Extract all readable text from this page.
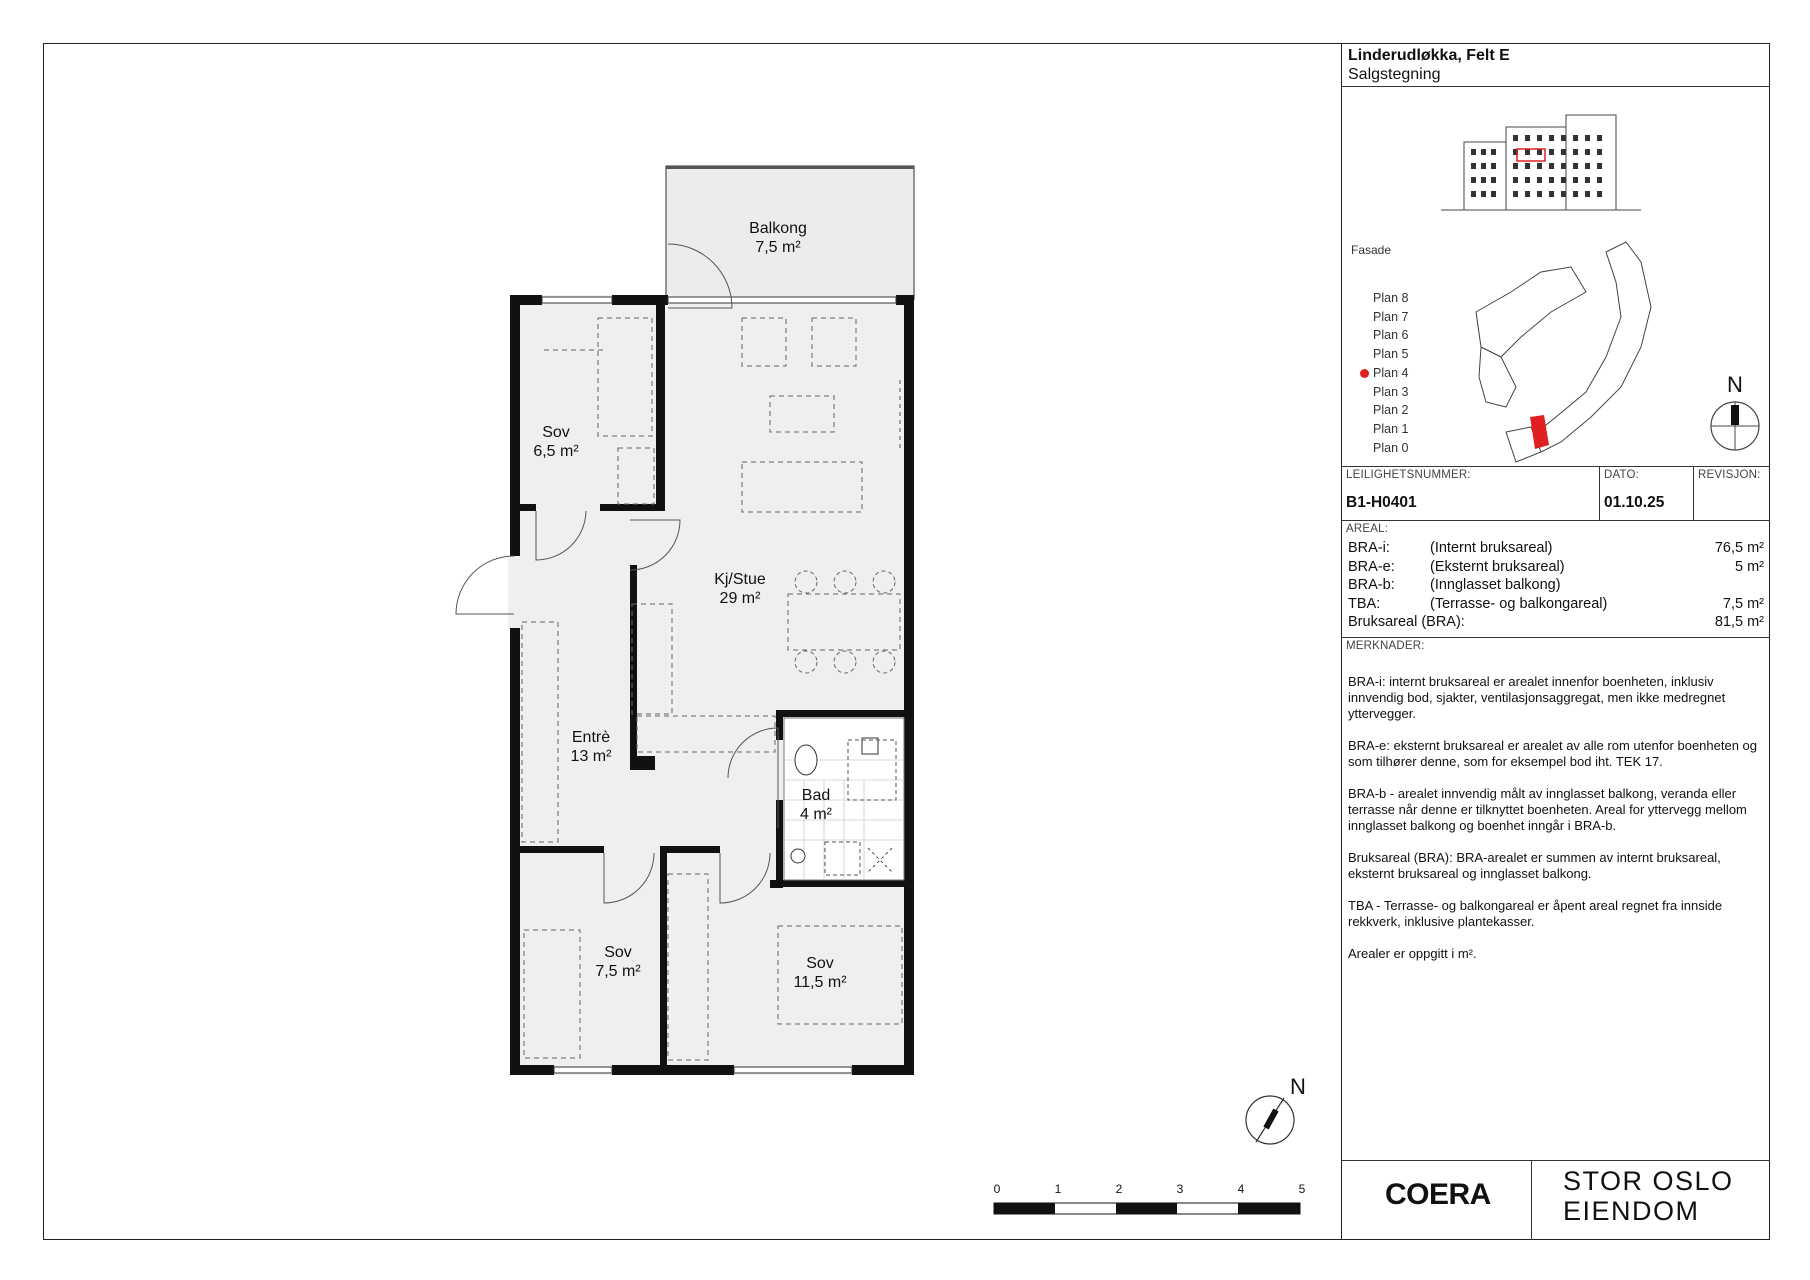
Balkong
7,5 m²
Sov
6,5 m²
Kj/Stue
29 m²
Entrè
13 m²
Bad
4 m²
Sov
7,5 m²	Sov
11,5 m²
N
0	1	2	3	4	5
Linderudløkka, Felt E
Salgstegning
Fasade
N
Plan 8
Plan 7
Plan 6
Plan 5
Plan 4
Plan 3
Plan 2
Plan 1
Plan 0
LEILIGHETSNUMMER:
B1-H0401
DATO:
01.10.25
REVISJON:
AREAL:
BRA-i:	(Internt bruksareal)	76,5 m²
BRA-e: (Eksternt bruksareal)	5 m²
BRA-b: (Innglasset balkong)
TBA:	(Terrasse- og balkongareal)	7,5 m²
Bruksareal (BRA):	81,5 m²
MERKNADER:

BRA-i: internt bruksareal er arealet innenfor boenheten, inklusiv innvendig bod, sjakter, ventilasjonsaggregat, men ikke medregnet yttervegger.

BRA-e: eksternt bruksareal er arealet av alle rom utenfor boenheten og som tilhører denne, som for eksempel bod iht. TEK 17.

BRA-b - arealet innvendig målt av innglasset balkong, veranda eller terrasse når denne er tilknyttet boenheten. Areal for yttervegg mellom innglasset balkong og boenhet inngår i BRA-b.

Bruksareal (BRA): BRA-arealet er summen av internt bruksareal, eksternt bruksareal og innglasset balkong.

TBA - Terrasse- og balkongareal er åpent areal regnet fra innside rekkverk, inklusive plantekasser.

Arealer er oppgitt i m².

COERA	STOR OSLO
EIENDOM
